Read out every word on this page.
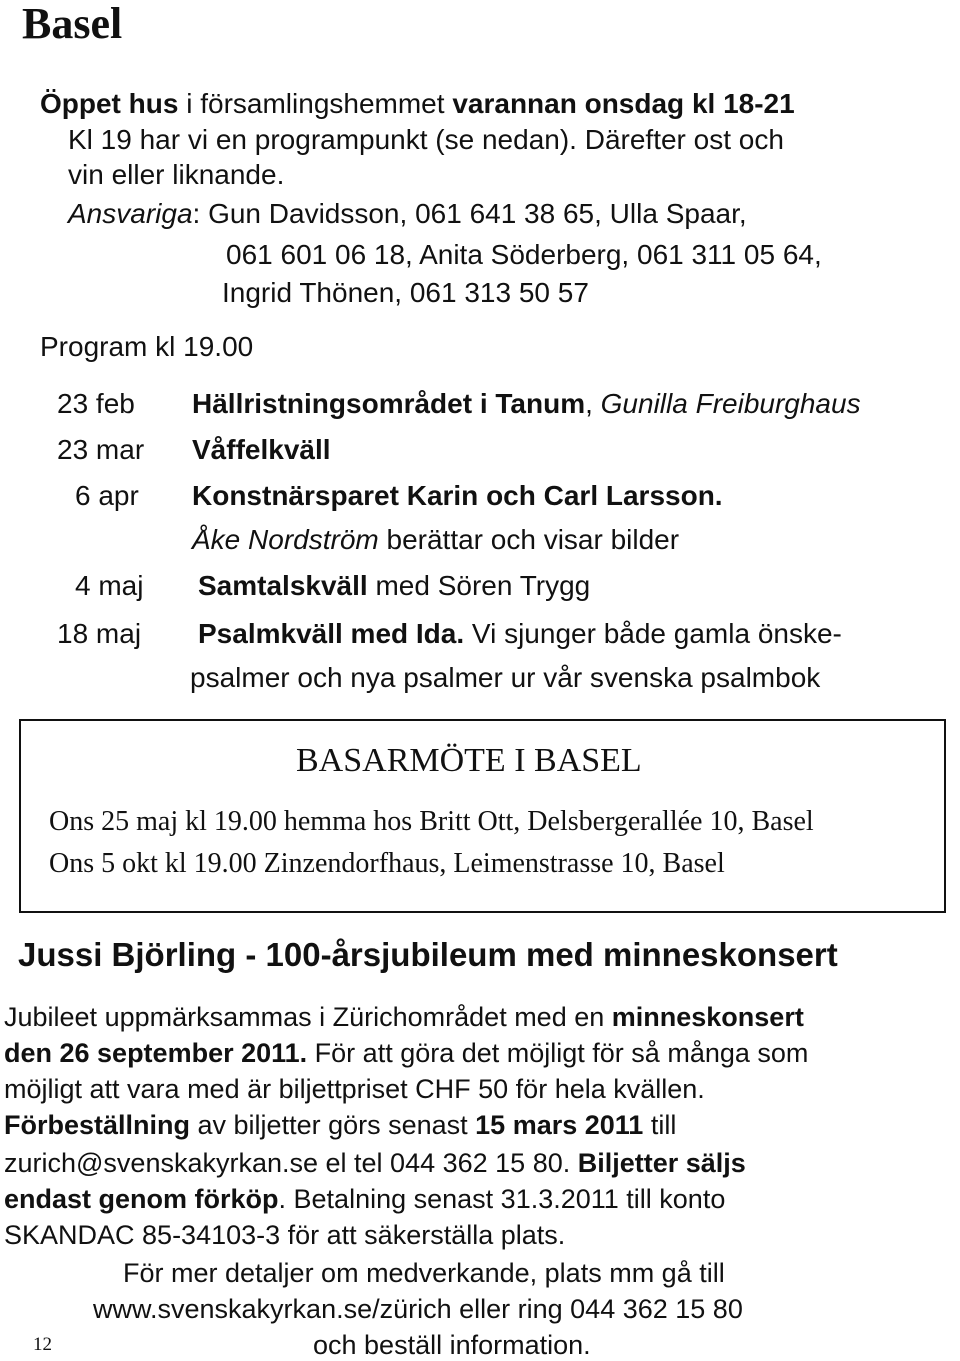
Basel
Öppet hus i församlingshemmet varannan onsdag kl 18-21
Kl 19 har vi en programpunkt (se nedan). Därefter ost och
vin eller liknande.
Ansvariga: Gun Davidsson, 061 641 38 65, Ulla Spaar,
061 601 06 18, Anita Söderberg, 061 311 05 64,
Ingrid Thönen, 061 313 50 57
Program kl 19.00
23 feb Hällristningsområdet i Tanum, Gunilla Freiburghaus
23 mar Våffelkväll
6 apr Konstnärsparet Karin och Carl Larsson.
Åke Nordström berättar och visar bilder
4 maj Samtalskväll med Sören Trygg
18 maj Psalmkväll med Ida. Vi sjunger både gamla önske-
psalmer och nya psalmer ur vår svenska psalmbok
BASARMÖTE I BASEL
Ons 25 maj kl 19.00 hemma hos Britt Ott, Delsbergerallée 10, Basel
Ons 5 okt kl 19.00 Zinzendorfhaus, Leimenstrasse 10, Basel
Jussi Björling - 100-årsjubileum med minneskonsert
Jubileet uppmärksammas i Zürichområdet med en minneskonsert
den 26 september 2011. För att göra det möjligt för så många som
möjligt att vara med är biljettpriset CHF 50 för hela kvällen.
Förbeställning av biljetter görs senast 15 mars 2011 till
zurich@svenskakyrkan.se el tel 044 362 15 80. Biljetter säljs
endast genom förköp. Betalning senast 31.3.2011 till konto
SKANDAC 85-34103-3 för att säkerställa plats.
För mer detaljer om medverkande, plats mm gå till
www.svenskakyrkan.se/zürich eller ring 044 362 15 80
och beställ information.
12
